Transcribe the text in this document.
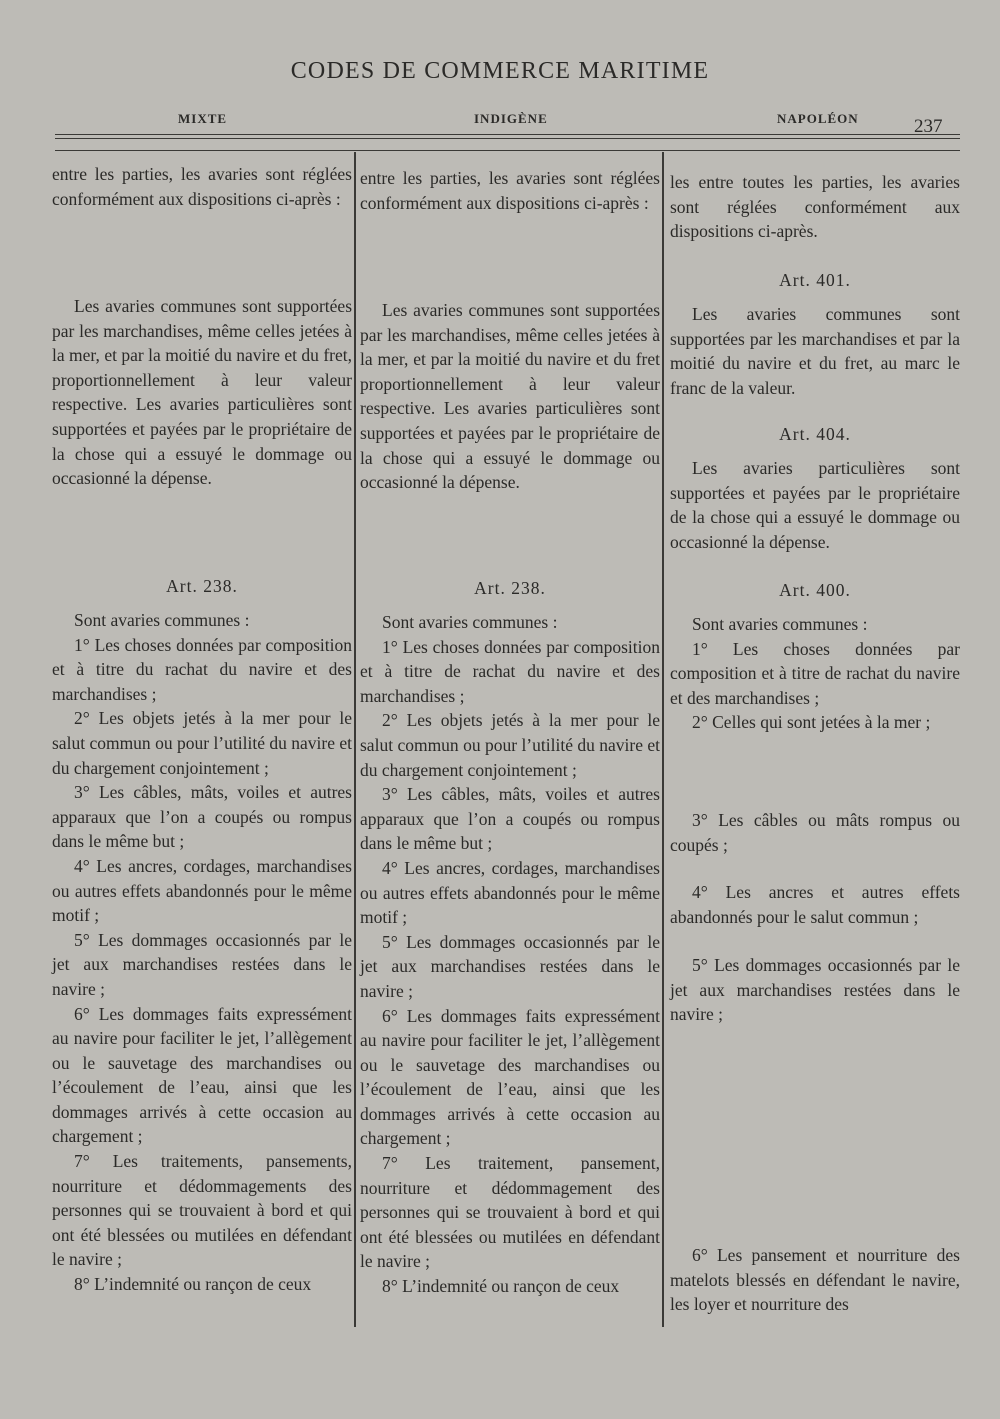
CODES DE COMMERCE MARITIME
MIXTE	INDIGÈNE	NAPOLÉON	237

entre les parties, les avaries sont réglées conformément aux dispositions ci-après :

Les avaries communes sont supportées par les marchandises, même celles jetées à la mer, et par la moitié du navire et du fret, proportionnellement à leur valeur respective. Les avaries particulières sont supportées et payées par le propriétaire de la chose qui a essuyé le dommage ou occasionné la dépense.

Art. 238.

Sont avaries communes :

1° Les choses données par composition et à titre du rachat du navire et des marchandises ;

2° Les objets jetés à la mer pour le salut commun ou pour l’utilité du navire et du chargement conjointement ;

3° Les câbles, mâts, voiles et autres apparaux que l’on a coupés ou rompus dans le même but ;

4° Les ancres, cordages, marchandises ou autres effets abandonnés pour le même motif ;

5° Les dommages occasionnés par le jet aux marchandises restées dans le navire ;

6° Les dommages faits expressément au navire pour faciliter le jet, l’allègement ou le sauvetage des marchandises ou l’écoulement de l’eau, ainsi que les dommages arrivés à cette occasion au chargement ;

7° Les traitements, pansements, nourriture et dédommagements des personnes qui se trouvaient à bord et qui ont été blessées ou mutilées en défendant le navire ;

8° L’indemnité ou rançon de ceux

entre les parties, les avaries sont réglées conformément aux dispositions ci-après :

Les avaries communes sont supportées par les marchandises, même celles jetées à la mer, et par la moitié du navire et du fret proportionnellement à leur valeur respective. Les avaries particulières sont supportées et payées par le propriétaire de la chose qui a essuyé le dommage ou occasionné la dépense.

Art. 238.

Sont avaries communes :

1° Les choses données par composition et à titre de rachat du navire et des marchandises ;

2° Les objets jetés à la mer pour le salut commun ou pour l’utilité du navire et du chargement conjointement ;

3° Les câbles, mâts, voiles et autres apparaux que l’on a coupés ou rompus dans le même but ;

4° Les ancres, cordages, marchandises ou autres effets abandonnés pour le même motif ;

5° Les dommages occasionnés par le jet aux marchandises restées dans le navire ;

6° Les dommages faits expressément au navire pour faciliter le jet, l’allègement ou le sauvetage des marchandises ou l’écoulement de l’eau, ainsi que les dommages arrivés à cette occasion au chargement ;

7° Les traitement, pansement, nourriture et dédommagement des personnes qui se trouvaient à bord et qui ont été blessées ou mutilées en défendant le navire ;

8° L’indemnité ou rançon de ceux

les entre toutes les parties, les avaries sont réglées conformément aux dispositions ci-après.

Art. 401.

Les avaries communes sont supportées par les marchandises et par la moitié du navire et du fret, au marc le franc de la valeur.

Art. 404.

Les avaries particulières sont supportées et payées par le propriétaire de la chose qui a essuyé le dommage ou occasionné la dépense.

Art. 400.

Sont avaries communes :

1° Les choses données par composition et à titre de rachat du navire et des marchandises ;

2° Celles qui sont jetées à la mer ;

3° Les câbles ou mâts rompus ou coupés ;

4° Les ancres et autres effets abandonnés pour le salut commun ;

5° Les dommages occasionnés par le jet aux marchandises restées dans le navire ;

6° Les pansement et nourriture des matelots blessés en défendant le navire, les loyer et nourriture des
